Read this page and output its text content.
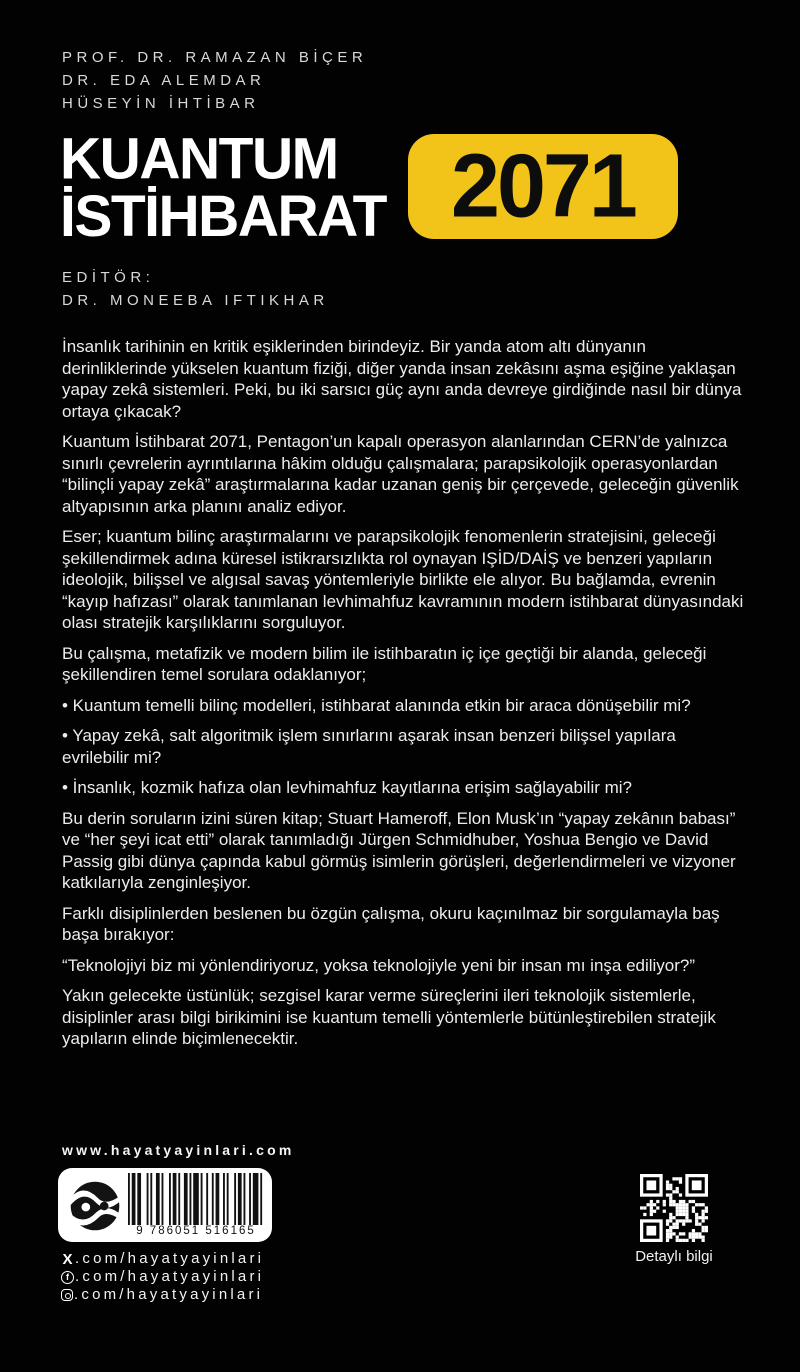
PROF. DR. RAMAZAN BİÇER
DR. EDA ALEMDAR
HÜSEYİN İHTİBAR
KUANTUM
İSTİHBARAT 2071
EDİTÖR:
DR. MONEEBA IFTIKHAR

İnsanlık tarihinin en kritik eşiklerinden birindeyiz. Bir yanda atom altı dünyanın derinliklerinde yükselen kuantum fiziği, diğer yanda insan zekâsını aşma eşiğine yaklaşan yapay zekâ sistemleri. Peki, bu iki sarsıcı güç aynı anda devreye girdiğinde nasıl bir dünya ortaya çıkacak?

Kuantum İstihbarat 2071, Pentagon’un kapalı operasyon alanlarından CERN’de yalnızca sınırlı çevrelerin ayrıntılarına hâkim olduğu çalışmalara; parapsikolojik operasyonlardan “bilinçli yapay zekâ” araştırmalarına kadar uzanan geniş bir çerçevede, geleceğin güvenlik altyapısının arka planını analiz ediyor.

Eser; kuantum bilinç araştırmalarını ve parapsikolojik fenomenlerin stratejisini, geleceği şekillendirmek adına küresel istikrarsızlıkta rol oynayan IŞİD/DAİŞ ve benzeri yapıların ideolojik, bilişsel ve algısal savaş yöntemleriyle birlikte ele alıyor. Bu bağlamda, evrenin “kayıp hafızası” olarak tanımlanan levhimahfuz kavramının modern istihbarat dünyasındaki olası stratejik karşılıklarını sorguluyor.

Bu çalışma, metafizik ve modern bilim ile istihbaratın iç içe geçtiği bir alanda, geleceği şekillendiren temel sorulara odaklanıyor;

• Kuantum temelli bilinç modelleri, istihbarat alanında etkin bir araca dönüşebilir mi?

• Yapay zekâ, salt algoritmik işlem sınırlarını aşarak insan benzeri bilişsel yapılara evrilebilir mi?

• İnsanlık, kozmik hafıza olan levhimahfuz kayıtlarına erişim sağlayabilir mi?

Bu derin soruların izini süren kitap; Stuart Hameroff, Elon Musk’ın “yapay zekânın babası” ve “her şeyi icat etti” olarak tanımladığı Jürgen Schmidhuber, Yoshua Bengio ve David Passig gibi dünya çapında kabul görmüş isimlerin görüşleri, değerlendirmeleri ve vizyoner katkılarıyla zenginleşiyor.

Farklı disiplinlerden beslenen bu özgün çalışma, okuru kaçınılmaz bir sorgulamayla baş başa bırakıyor:

“Teknolojiyi biz mi yönlendiriyoruz, yoksa teknolojiyle yeni bir insan mı inşa ediliyor?”

Yakın gelecekte üstünlük; sezgisel karar verme süreçlerini ileri teknolojik sistemlerle, disiplinler arası bilgi birikimini ise kuantum temelli yöntemlerle bütünleştirebilen stratejik yapıların elinde biçimlenecektir.

www.hayatyayinlari.com
9 786051 516165
Detaylı bilgi
X .com/hayatyayinlari
f .com/hayatyayinlari
.com/hayatyayinlari
